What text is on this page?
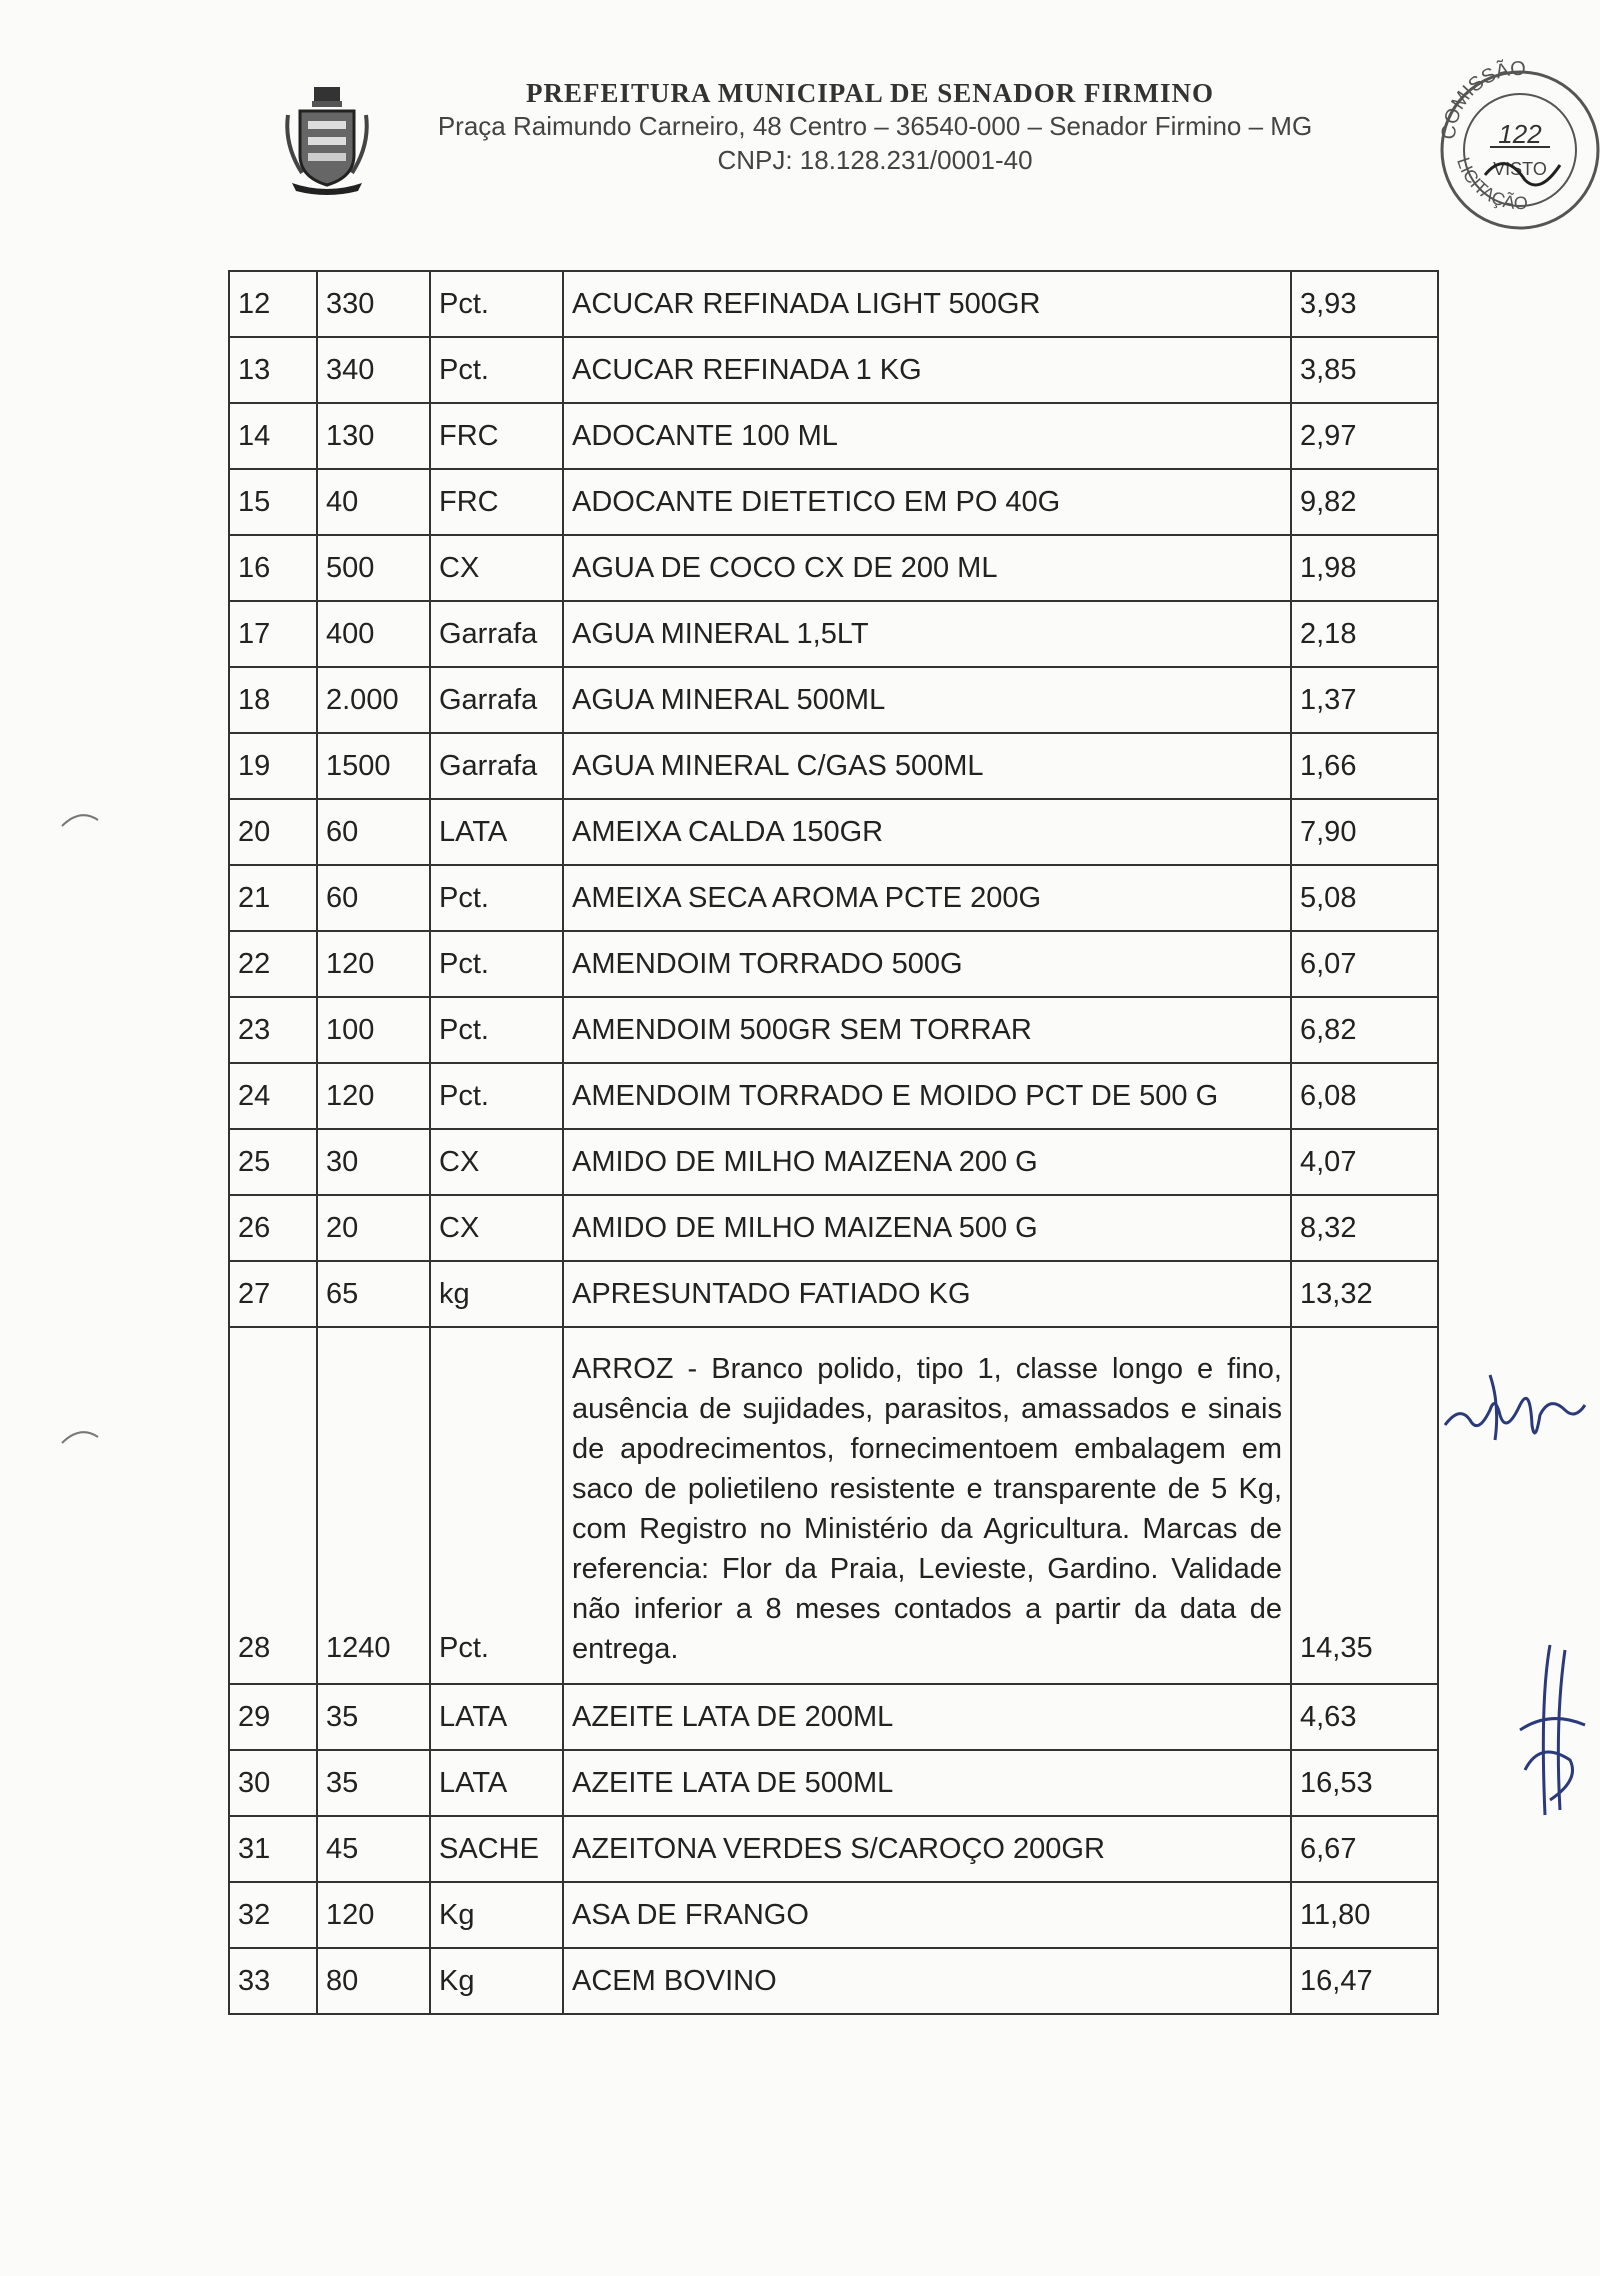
PREFEITURA MUNICIPAL DE SENADOR FIRMINO
Praça Raimundo Carneiro, 48 Centro – 36540-000 – Senador Firmino – MG
CNPJ: 18.128.231/0001-40
COMISSÃO
LICITAÇÃO
122
VISTO
12	330	Pct.	ACUCAR REFINADA LIGHT 500GR	3,93
13	340	Pct.	ACUCAR REFINADA 1 KG	3,85
14	130	FRC	ADOCANTE 100 ML	2,97
15	40	FRC	ADOCANTE DIETETICO EM PO 40G	9,82
16	500	CX	AGUA DE COCO CX DE 200 ML	1,98
17	400	Garrafa	AGUA MINERAL 1,5LT	2,18
18	2.000	Garrafa	AGUA MINERAL 500ML	1,37
19	1500	Garrafa	AGUA MINERAL C/GAS 500ML	1,66
20	60	LATA	AMEIXA CALDA 150GR	7,90
21	60	Pct.	AMEIXA SECA AROMA PCTE 200G	5,08
22	120	Pct.	AMENDOIM TORRADO 500G	6,07
23	100	Pct.	AMENDOIM 500GR SEM TORRAR	6,82
24	120	Pct.	AMENDOIM TORRADO E MOIDO PCT DE 500 G	6,08
25	30	CX	AMIDO DE MILHO MAIZENA 200 G	4,07
26	20	CX	AMIDO DE MILHO MAIZENA 500 G	8,32
27	65	kg	APRESUNTADO FATIADO KG	13,32
28	1240	Pct.	ARROZ - Branco polido, tipo 1, classe longo e fino, ausência de sujidades, parasitos, amassados e sinais de apodrecimentos, fornecimentoem embalagem em saco de polietileno resistente e transparente de 5 Kg, com Registro no Ministério da Agricultura. Marcas de referencia: Flor da Praia, Levieste, Gardino. Validade não inferior a 8 meses contados a partir da data de entrega.	14,35
29	35	LATA	AZEITE LATA DE 200ML	4,63
30	35	LATA	AZEITE LATA DE 500ML	16,53
31	45	SACHE	AZEITONA VERDES S/CAROÇO 200GR	6,67
32	120	Kg	ASA DE FRANGO	11,80
33	80	Kg	ACEM BOVINO	16,47
